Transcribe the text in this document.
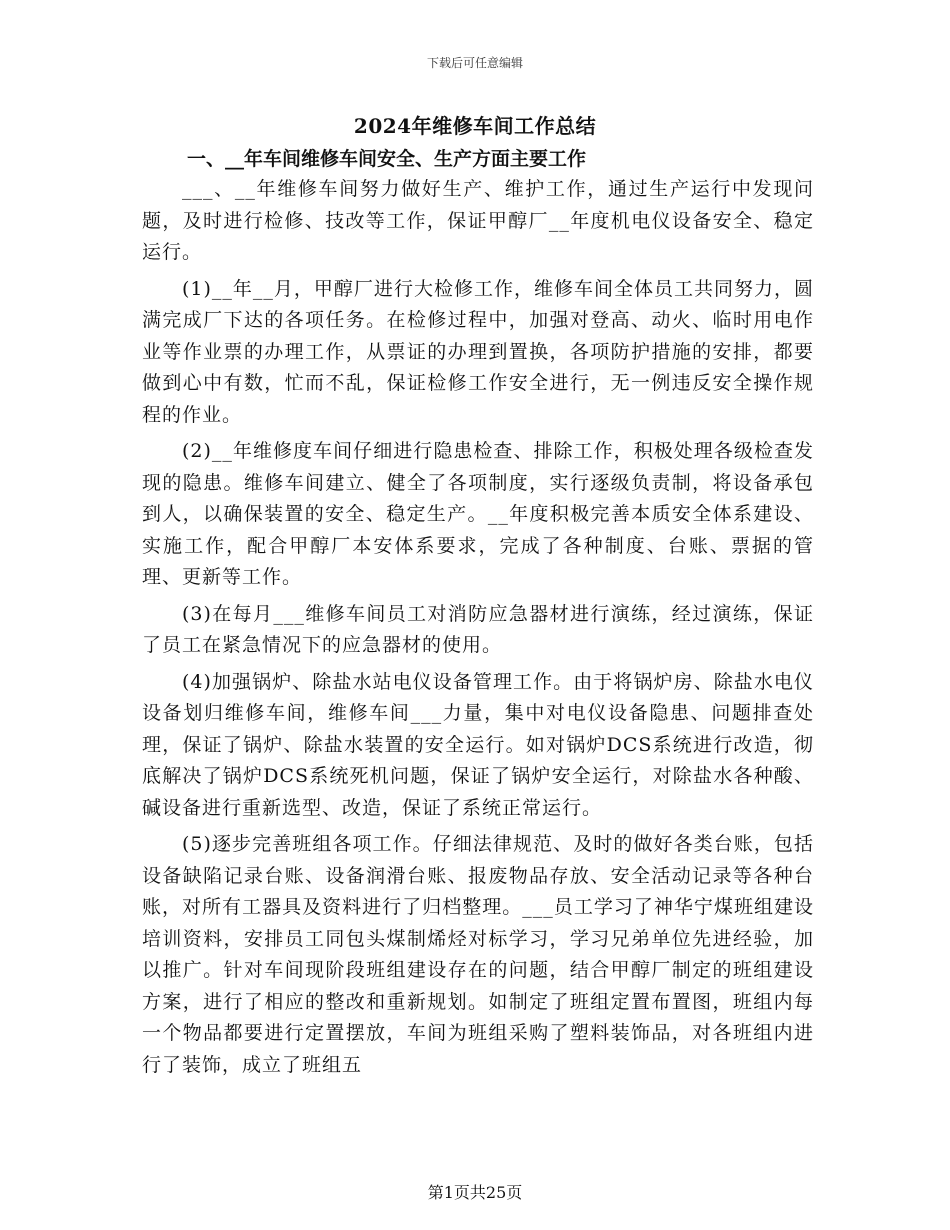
下载后可任意编辑
2024年维修车间工作总结
一、__年车间维修车间安全、生产方面主要工作

___、__年维修车间努力做好生产、维护工作，通过生产运行中发现问题，及时进行检修、技改等工作，保证甲醇厂__年度机电仪设备安全、稳定运行。

(1)__年__月，甲醇厂进行大检修工作，维修车间全体员工共同努力，圆满完成厂下达的各项任务。在检修过程中，加强对登高、动火、临时用电作业等作业票的办理工作，从票证的办理到置换，各项防护措施的安排，都要做到心中有数，忙而不乱，保证检修工作安全进行，无一例违反安全操作规程的作业。

(2)__年维修度车间仔细进行隐患检查、排除工作，积极处理各级检查发现的隐患。维修车间建立、健全了各项制度，实行逐级负责制，将设备承包到人，以确保装置的安全、稳定生产。__年度积极完善本质安全体系建设、实施工作，配合甲醇厂本安体系要求，完成了各种制度、台账、票据的管理、更新等工作。

(3)在每月___维修车间员工对消防应急器材进行演练，经过演练，保证了员工在紧急情况下的应急器材的使用。

(4)加强锅炉、除盐水站电仪设备管理工作。由于将锅炉房、除盐水电仪设备划归维修车间，维修车间___力量，集中对电仪设备隐患、问题排查处理，保证了锅炉、除盐水装置的安全运行。如对锅炉DCS系统进行改造，彻底解决了锅炉DCS系统死机问题，保证了锅炉安全运行，对除盐水各种酸、碱设备进行重新选型、改造，保证了系统正常运行。

(5)逐步完善班组各项工作。仔细法律规范、及时的做好各类台账，包括设备缺陷记录台账、设备润滑台账、报废物品存放、安全活动记录等各种台账，对所有工器具及资料进行了归档整理。___员工学习了神华宁煤班组建设培训资料，安排员工同包头煤制烯烃对标学习，学习兄弟单位先进经验，加以推广。针对车间现阶段班组建设存在的问题，结合甲醇厂制定的班组建设方案，进行了相应的整改和重新规划。如制定了班组定置布置图，班组内每一个物品都要进行定置摆放，车间为班组采购了塑料装饰品，对各班组内进行了装饰，成立了班组五

第1页共25页
